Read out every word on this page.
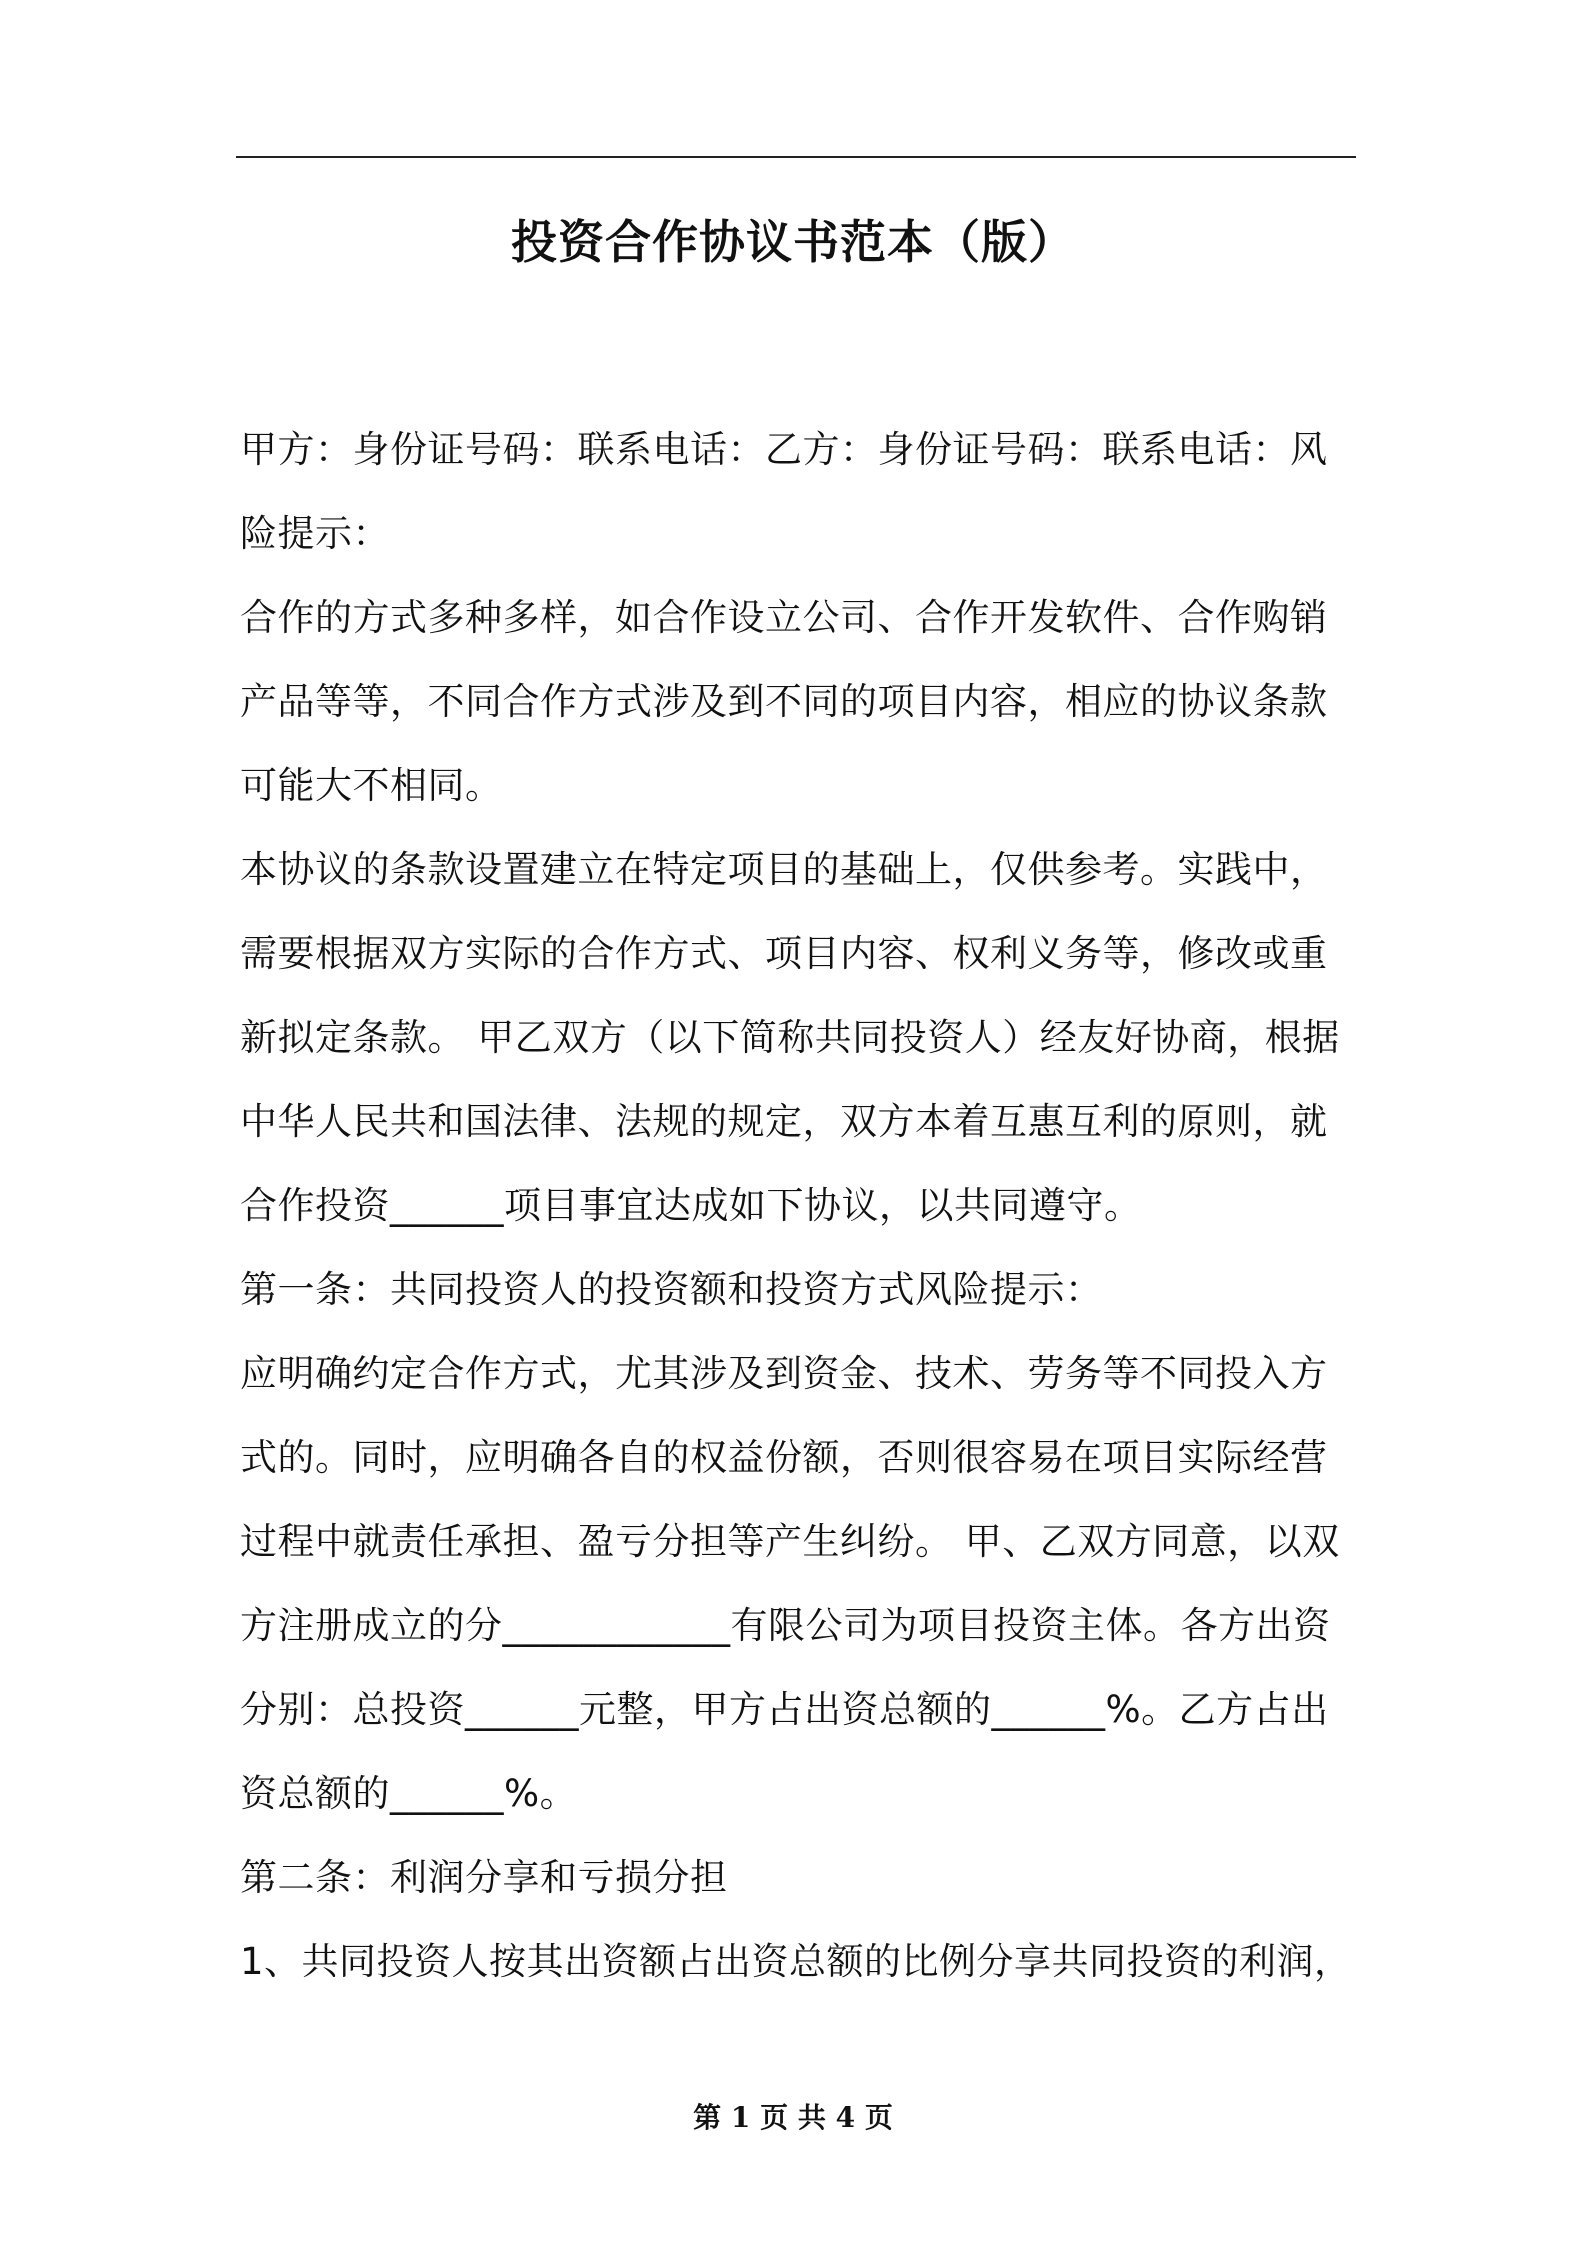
投资合作协议书范本（版）

甲方：身份证号码：联系电话：乙方：身份证号码：联系电话：风险提示：

合作的方式多种多样，如合作设立公司、合作开发软件、合作购销产品等等，不同合作方式涉及到不同的项目内容，相应的协议条款可能大不相同。

本协议的条款设置建立在特定项目的基础上，仅供参考。实践中，需要根据双方实际的合作方式、项目内容、权利义务等，修改或重新拟定条款。 甲乙双方（以下简称共同投资人）经友好协商，根据中华人民共和国法律、法规的规定，双方本着互惠互利的原则，就合作投资______项目事宜达成如下协议，以共同遵守。

第一条：共同投资人的投资额和投资方式风险提示：

应明确约定合作方式，尤其涉及到资金、技术、劳务等不同投入方式的。同时，应明确各自的权益份额，否则很容易在项目实际经营过程中就责任承担、盈亏分担等产生纠纷。 甲、乙双方同意，以双方注册成立的分____________有限公司为项目投资主体。各方出资分别：总投资______元整，甲方占出资总额的______%。乙方占出资总额的______%。

第二条：利润分享和亏损分担

1、共同投资人按其出资额占出资总额的比例分享共同投资的利润，

第 1 页 共 4 页
